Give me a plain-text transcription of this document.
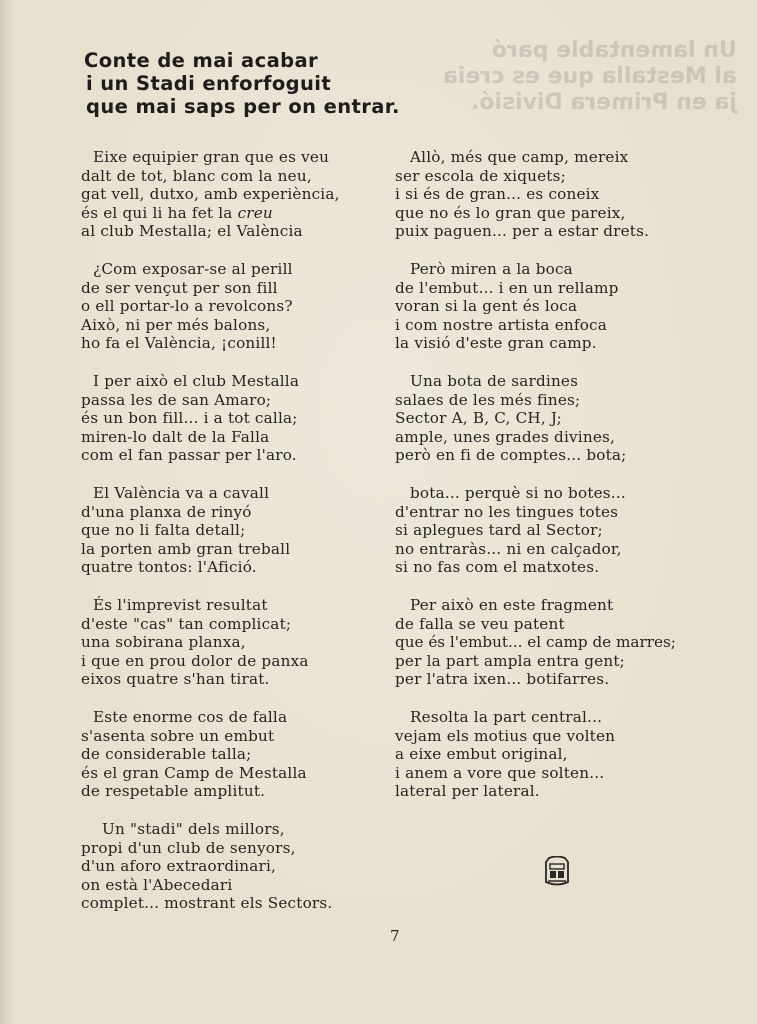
Un lamentable paró
al Mestalla que es creia
ja en Primera Divisió.
Conte de mai acabar
i un Stadi enforfoguit
que mai saps per on entrar.

Eixe equipier gran que es veu
dalt de tot, blanc com la neu,
gat vell, dutxo, amb experiència,
és el qui li ha fet la creu
al club Mestalla; el València

¿Com exposar-se al perill
de ser vençut per son fill
o ell portar-lo a revolcons?
Això, ni per més balons,
ho fa el València, ¡conill!

I per això el club Mestalla
passa les de san Amaro;
és un bon fill... i a tot calla;
miren-lo dalt de la Falla
com el fan passar per l'aro.

El València va a cavall
d'una planxa de rinyó
que no li falta detall;
la porten amb gran treball
quatre tontos: l'Afició.

És l'imprevist resultat
d'este "cas" tan complicat;
una sobirana planxa,
i que en prou dolor de panxa
eixos quatre s'han tirat.

Este enorme cos de falla
s'asenta sobre un embut
de considerable talla;
és el gran Camp de Mestalla
de respetable amplitut.

Un "stadi" dels millors,
propi d'un club de senyors,
d'un aforo extraordinari,
on està l'Abecedari
complet... mostrant els Sectors.

Allò, més que camp, mereix
ser escola de xiquets;
i si és de gran... es coneix
que no és lo gran que pareix,
puix paguen... per a estar drets.

Però miren a la boca
de l'embut... i en un rellamp
voran si la gent és loca
i com nostre artista enfoca
la visió d'este gran camp.

Una bota de sardines
salaes de les més fines;
Sector A, B, C, CH, J;
ample, unes grades divines,
però en fi de comptes... bota;

bota... perquè si no botes...
d'entrar no les tingues totes
si aplegues tard al Sector;
no entraràs... ni en calçador,
si no fas com el matxotes.

Per això en este fragment
de falla se veu patent
que és l'embut... el camp de marres;
per la part ampla entra gent;
per l'atra ixen... botifarres.

Resolta la part central...
vejam els motius que volten
a eixe embut original,
i anem a vore que solten...
lateral per lateral.

7
